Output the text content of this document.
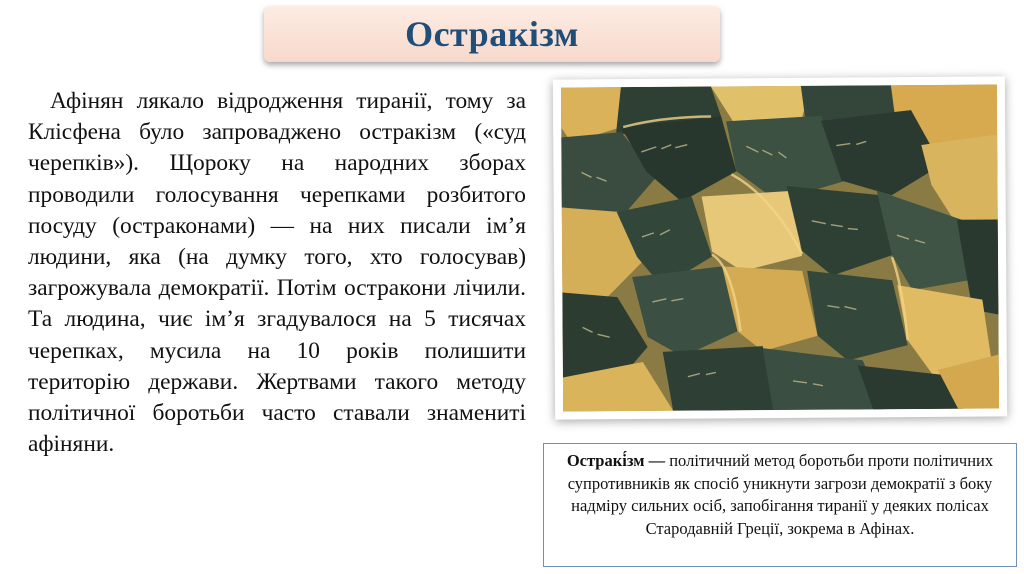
Остракізм

Афінян лякало відродження тиранії, тому за Клісфена було запроваджено остракізм («суд черепків»). Щороку на народних зборах проводили голосування черепками розбитого посуду (остраконами) — на них писали ім’я людини, яка (на думку того, хто голосував) загрожувала демократії. Потім остракони лічили. Та людина, чиє ім’я згадувалося на 5 тисячах черепках, мусила на 10 років полишити територію держави. Жертвами такого методу політичної боротьби часто ставали знамениті афіняни.

Остракі́зм — політичний метод боротьби проти політичних супротивників як спосіб уникнути загрози демократії з боку надміру сильних осіб, запобігання тиранії у деяких полісах Стародавній Греції, зокрема в Афінах.
